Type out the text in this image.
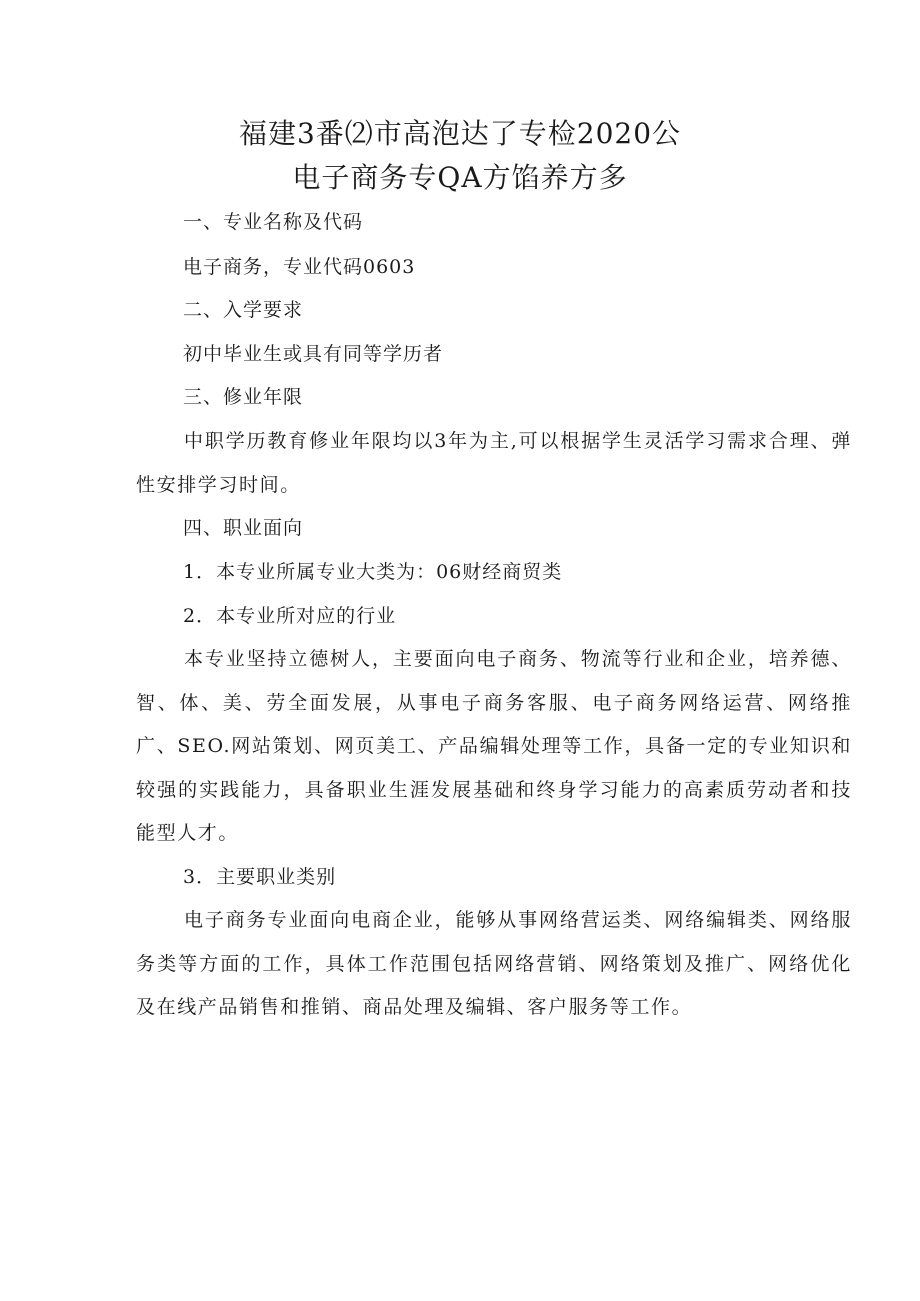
福建3番⑵市高泡达了专检2020公
电子商务专QA方馅养方多
一、专业名称及代码
电子商务，专业代码0603
二、入学要求
初中毕业生或具有同等学历者
三、修业年限
中职学历教育修业年限均以3年为主,可以根据学生灵活学习需求合理、弹性安排学习时间。
四、职业面向
1．本专业所属专业大类为：06财经商贸类
2．本专业所对应的行业
本专业坚持立德树人，主要面向电子商务、物流等行业和企业，培养德、智、体、美、劳全面发展，从事电子商务客服、电子商务网络运营、网络推广、SEO.网站策划、网页美工、产品编辑处理等工作，具备一定的专业知识和较强的实践能力，具备职业生涯发展基础和终身学习能力的高素质劳动者和技能型人才。
3．主要职业类别
电子商务专业面向电商企业，能够从事网络营运类、网络编辑类、网络服务类等方面的工作，具体工作范围包括网络营销、网络策划及推广、网络优化及在线产品销售和推销、商品处理及编辑、客户服务等工作。
